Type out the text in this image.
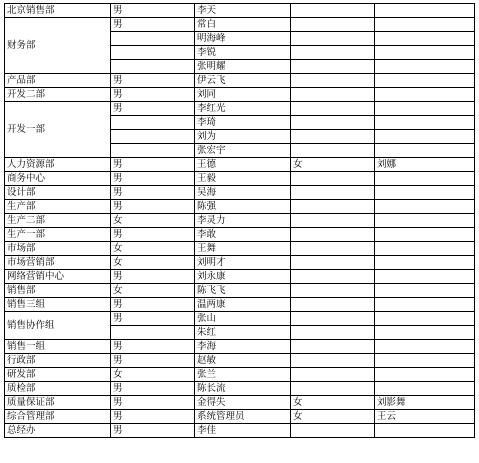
北京销售部	男	李天		
财务部	男	常白		
		明海峰		
		李锐		
		张明耀		
产品部	男	伊云飞		
开发二部	男	刘同		
开发一部	男	李红光		
		李琦		
		刘为		
		张宏宇		
人力资源部	男	王德	女	刘娜
商务中心	男	王毅		
设计部	男	吴海		
生产部	男	陈强		
生产二部	女	李灵力		
生产一部	男	李敢		
市场部	女	王舞		
市场营销部	女	刘明才		
网络营销中心	男	刘永康		
销售部	女	陈飞飞		
销售三组	男	温两康		
销售协作组	男	张山		
		朱红		
销售一组	男	李海		
行政部	男	赵敏		
研发部	女	张兰		
质检部	男	陈长流		
质量保证部	男	金得失	女	刘影舞
综合管理部	男	系统管理员	女	王云
总经办	男	李佳		
